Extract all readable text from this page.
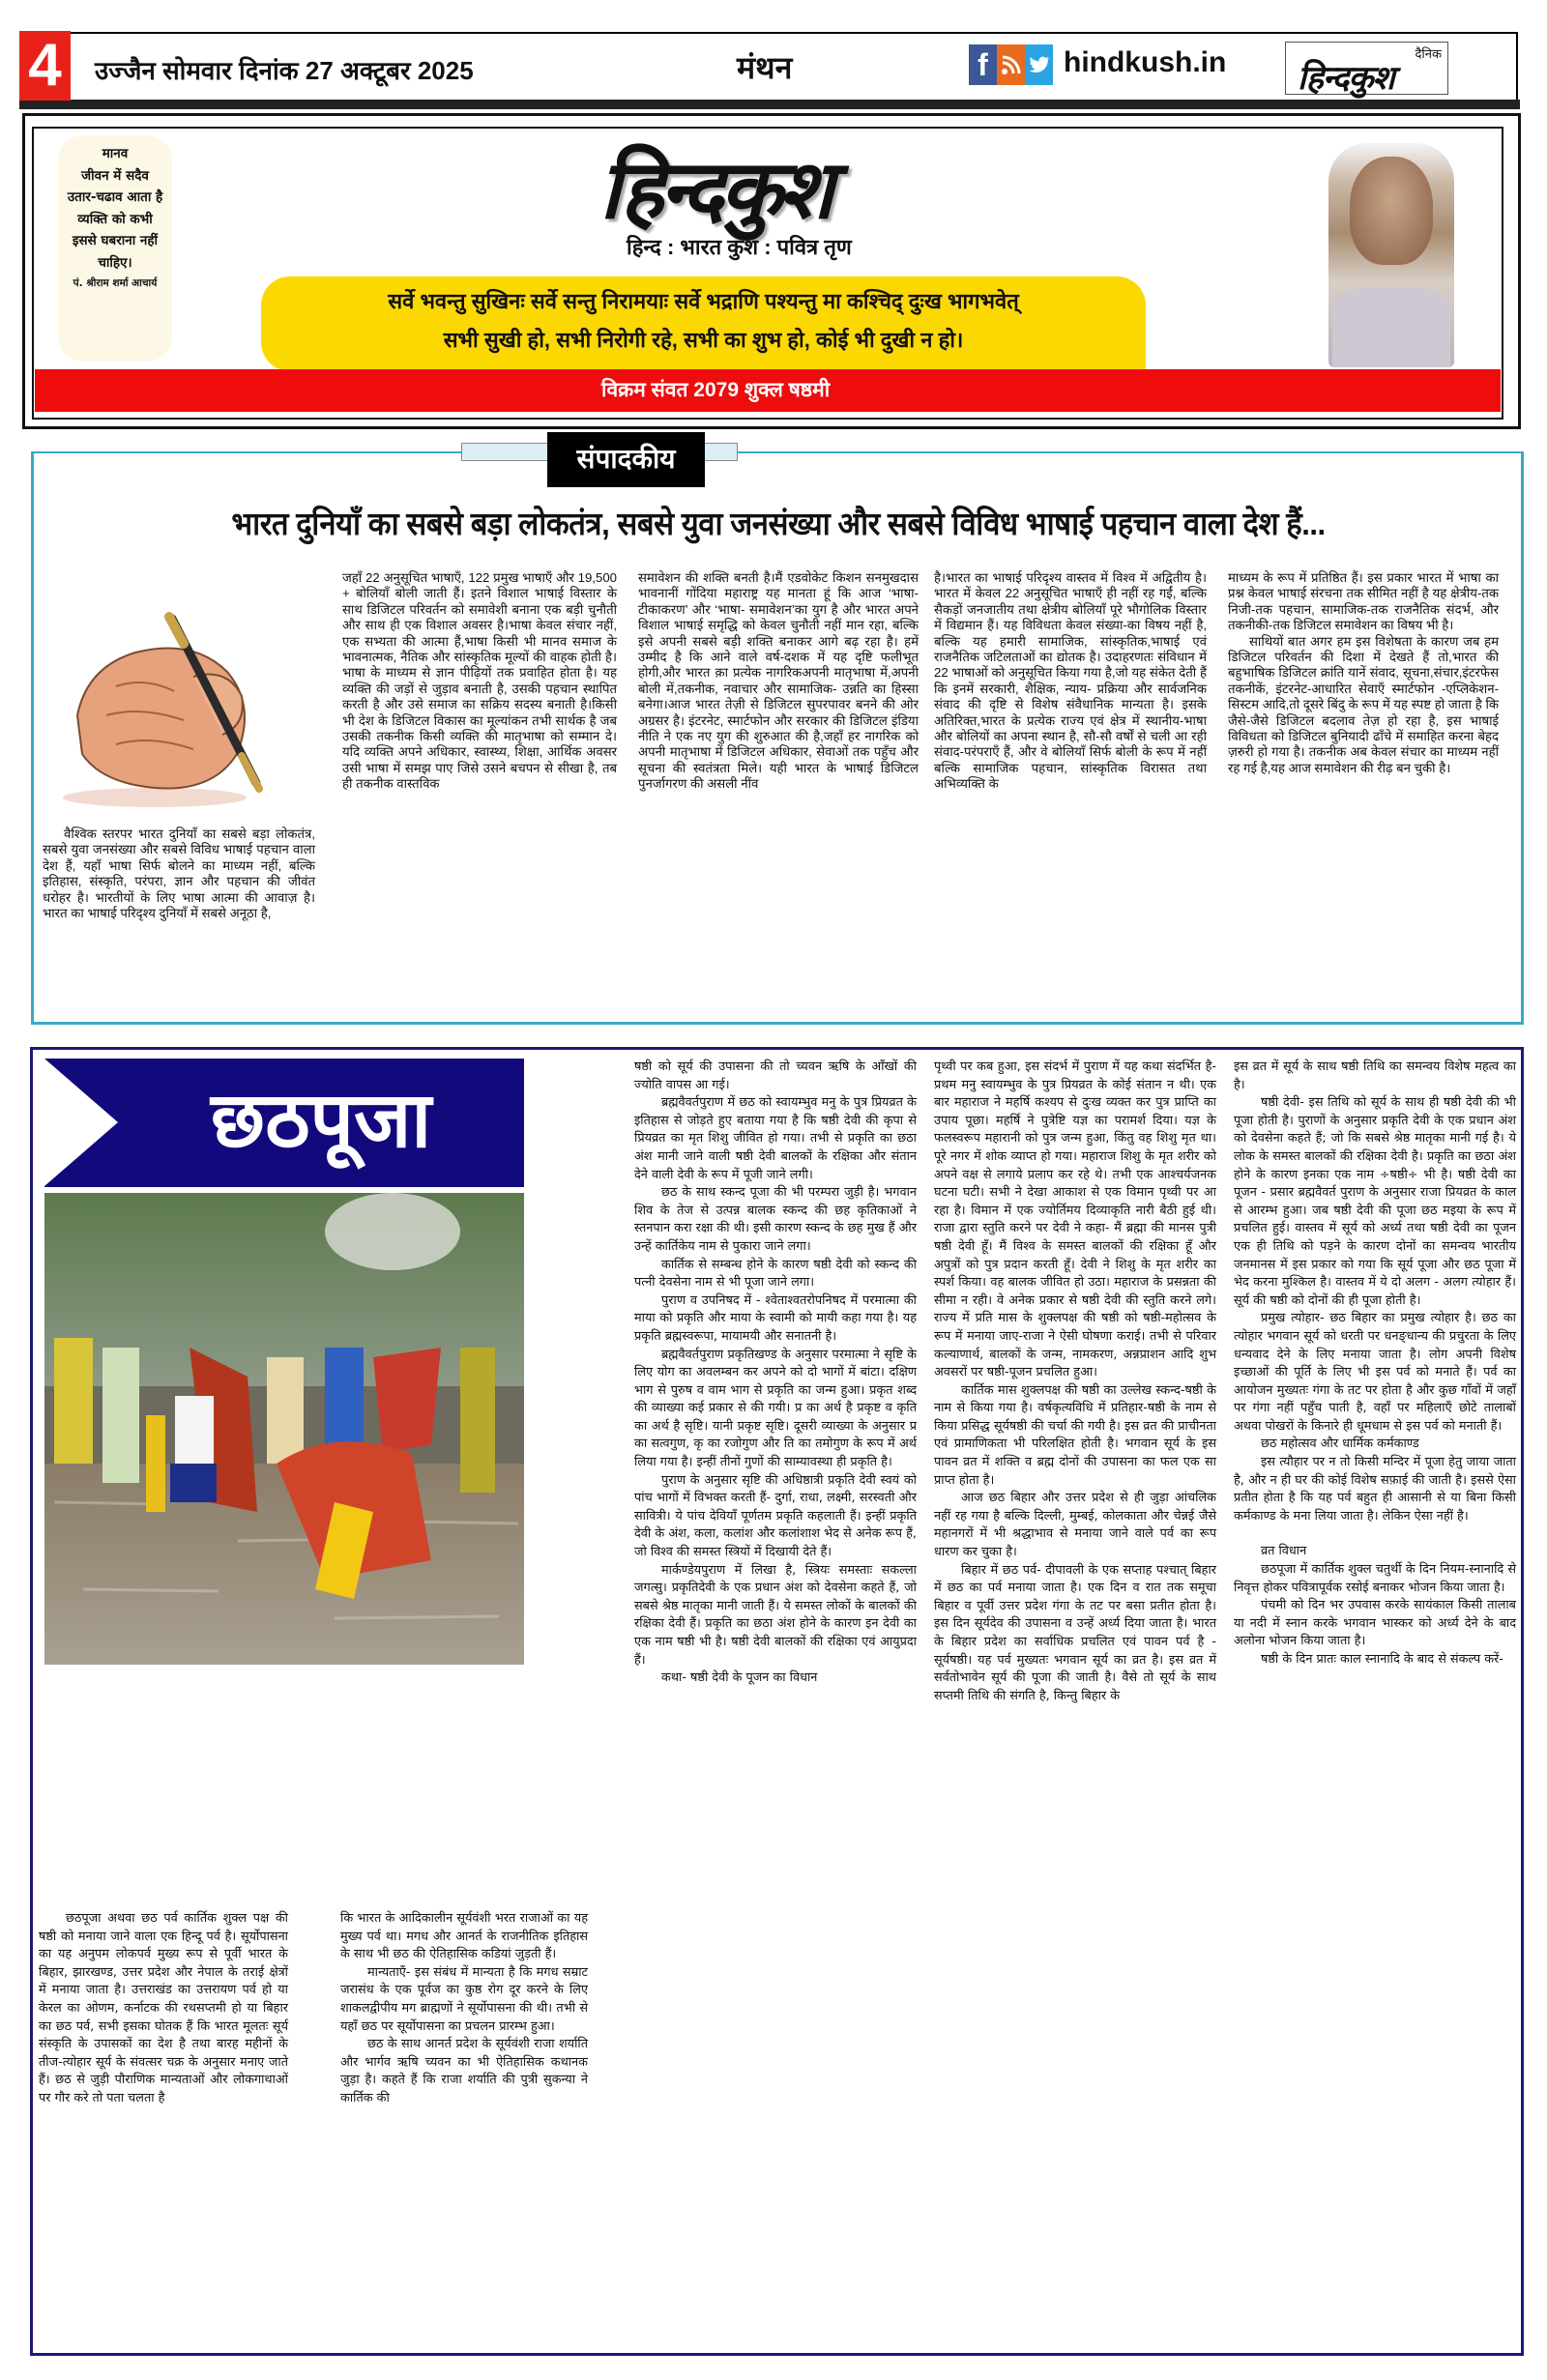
4	उज्जैन सोमवार दिनांक 27 अक्टूबर 2025	मंथन	f	hindkush.in	दैनिक
हिन्दकुश

मानव

जीवन में सदैव

उतार-चढाव आता है

व्यक्ति को कभी

इससे घबराना नहीं

चाहिए।

पं. श्रीराम शर्मा आचार्य

हिन्दकुश
हिन्द : भारत कुश : पवित्र तृण

सर्वे भवन्तु सुखिनः सर्वे सन्तु निरामयाः सर्वे भद्राणि पश्यन्तु मा कश्चिद् दुःख भागभवेत्

सभी सुखी हो, सभी निरोगी रहे, सभी का शुभ हो, कोई भी दुखी न हो।

विक्रम संवत 2079 शुक्ल षष्ठमी
संपादकीय
भारत दुनियाँ का सबसे बड़ा लोकतंत्र, सबसे युवा जनसंख्या और सबसे विविध भाषाई पहचान वाला देश हैं...

वैश्विक स्तरपर भारत दुनियाँ का सबसे बड़ा लोकतंत्र, सबसे युवा जनसंख्या और सबसे विविध भाषाई पहचान वाला देश हैं, यहाँ भाषा सिर्फ बोलने का माध्यम नहीं, बल्कि इतिहास, संस्कृति, परंपरा, ज्ञान और पहचान की जीवंत धरोहर है। भारतीयों के लिए भाषा आत्मा की आवाज़ है। भारत का भाषाई परिदृश्य दुनियाँ में सबसे अनूठा है,

जहाँ 22 अनुसूचित भाषाएँ, 122 प्रमुख भाषाएँ और 19,500 + बोलियाँ बोली जाती हैं। इतने विशाल भाषाई विस्तार के साथ डिजिटल परिवर्तन को समावेशी बनाना एक बड़ी चुनौती और साथ ही एक विशाल अवसर है।भाषा केवल संचार नहीं, एक सभ्यता की आत्मा हैं,भाषा किसी भी मानव समाज के भावनात्मक, नैतिक और सांस्कृतिक मूल्यों की वाहक होती है। भाषा के माध्यम से ज्ञान पीढ़ियों तक प्रवाहित होता है। यह व्यक्ति की जड़ों से जुड़ाव बनाती है, उसकी पहचान स्थापित करती है और उसे समाज का सक्रिय सदस्य बनाती है।किसी भी देश के डिजिटल विकास का मूल्यांकन तभी सार्थक है जब उसकी तकनीक किसी व्यक्ति की मातृभाषा को सम्मान दे। यदि व्यक्ति अपने अधिकार, स्वास्थ्य, शिक्षा, आर्थिक अवसर उसी भाषा में समझ पाए जिसे उसने बचपन से सीखा है, तब ही तकनीक वास्तविक

समावेशन की शक्ति बनती है।मैं एडवोकेट किशन सनमुखदास भावनानीं गोंदिया महाराष्ट्र यह मानता हूं कि आज ‘भाषा- टीकाकरण’ और ‘भाषा- समावेशन’का युग है और भारत अपने विशाल भाषाई समृद्धि को केवल चुनौती नहीं मान रहा, बल्कि इसे अपनी सबसे बड़ी शक्ति बनाकर आगे बढ़ रहा है। हमें उम्मीद है कि आने वाले वर्ष-दशक में यह दृष्टि फलीभूत होगी,और भारत क़ा प्रत्येक नागरिकअपनी मातृभाषा में,अपनी बोली में,तकनीक, नवाचार और सामाजिक- उन्नति का हिस्सा बनेगा।आज भारत तेज़ी से डिजिटल सुपरपावर बनने की ओर अग्रसर है। इंटरनेट, स्मार्टफोन और सरकार की डिजिटल इंडिया नीति ने एक नए युग की शुरुआत की है,जहाँ हर नागरिक को अपनी मातृभाषा में डिजिटल अधिकार, सेवाओं तक पहुँच और सूचना की स्वतंत्रता मिले। यही भारत के भाषाई डिजिटल पुनर्जागरण की असली नींव

है।भारत का भाषाई परिदृश्य वास्तव में विश्व में अद्वितीय है। भारत में केवल 22 अनुसूचित भाषाएँ ही नहीं रह गईं, बल्कि सैकड़ों जनजातीय तथा क्षेत्रीय बोलियाँ पूरे भौगोलिक विस्तार में विद्यमान हैं। यह विविधता केवल संख्या-का विषय नहीं है, बल्कि यह हमारी सामाजिक, सांस्कृतिक,भाषाई एवं राजनैतिक जटिलताओं का द्योतक है। उदाहरणतः संविधान में 22 भाषाओं को अनुसूचित किया गया है,जो यह संकेत देती हैं कि इनमें सरकारी, शैक्षिक, न्याय- प्रक्रिया और सार्वजनिक संवाद की दृष्टि से विशेष संवैधानिक मान्यता है। इसके अतिरिक्त,भारत के प्रत्येक राज्य एवं क्षेत्र में स्थानीय-भाषा और बोलियों का अपना स्थान है, सौ-सौ वर्षों से चली आ रही संवाद-परंपराएँ हैं, और वे बोलियाँ सिर्फ बोली के रूप में नहीं बल्कि सामाजिक पहचान, सांस्कृतिक विरासत तथा अभिव्यक्ति के

माध्यम के रूप में प्रतिष्ठित हैं। इस प्रकार भारत में भाषा का प्रश्न केवल भाषाई संरचना तक सीमित नहीं है यह क्षेत्रीय-तक निजी-तक पहचान, सामाजिक-तक राजनैतिक संदर्भ, और तकनीकी-तक डिजिटल समावेशन का विषय भी है।

साथियों बात अगर हम इस विशेषता के कारण जब हम डिजिटल परिवर्तन की दिशा में देखते हैं तो,भारत की बहुभाषिक डिजिटल क्रांति यानें संवाद, सूचना,संचार,इंटरफेस तकनीकें, इंटरनेट-आधारित सेवाएँ स्मार्टफोन -एप्लिकेशन-सिस्टम आदि,तो दूसरे बिंदु के रूप में यह स्पष्ट हो जाता है कि जैसे-जैसे डिजिटल बदलाव तेज़ हो रहा है, इस भाषाई विविधता को डिजिटल बुनियादी ढाँचे में समाहित करना बेहद ज़रुरी हो गया है। तकनीक अब केवल संचार का माध्यम नहीं रह गई है,यह आज समावेशन की रीढ़ बन चुकी है।

छठपूजा

छठपूजा अथवा छठ पर्व कार्तिक शुक्ल पक्ष की षष्ठी को मनाया जाने वाला एक हिन्दू पर्व है। सूर्योपासना का यह अनुपम लोकपर्व मुख्य रूप से पूर्वी भारत के बिहार, झारखण्ड, उत्तर प्रदेश और नेपाल के तराई क्षेत्रों में मनाया जाता है। उत्तराखंड का उत्तरायण पर्व हो या केरल का ओणम, कर्नाटक की रथसप्तमी हो या बिहार का छठ पर्व, सभी इसका घोतक हैं कि भारत मूलतः सूर्य संस्कृति के उपासकों का देश है तथा बारह महीनों के तीज-त्योहार सूर्य के संवत्सर चक्र के अनुसार मनाए जाते हैं। छठ से जुड़ी पौराणिक मान्यताओं और लोकगाथाओं पर गौर करे तो पता चलता है

कि भारत के आदिकालीन सूर्यवंशी भरत राजाओं का यह मुख्य पर्व था। मगध और आनर्त के राजनीतिक इतिहास के साथ भी छठ की ऐतिहासिक कडियां जुड़ती हैं।

मान्यताएँ- इस संबंध में मान्यता है कि मगध सम्राट जरासंध के एक पूर्वज का कुष्ठ रोग दूर करने के लिए शाकलद्वीपीय मग ब्राह्मणों ने सूर्योपासना की थी। तभी से यहाँ छठ पर सूर्योपासना का प्रचलन प्रारम्भ हुआ।

छठ के साथ आनर्त प्रदेश के सूर्यवंशी राजा शर्याति और भार्गव ऋषि च्यवन का भी ऐतिहासिक कथानक जुड़ा है। कहते हैं कि राजा शर्याति की पुत्री सुकन्या ने कार्तिक की

षष्ठी को सूर्य की उपासना की तो च्यवन ऋषि के आँखों की ज्योति वापस आ गई।

ब्रह्मवैवर्तपुराण में छठ को स्वायम्भुव मनु के पुत्र प्रियव्रत के इतिहास से जोड़ते हुए बताया गया है कि षष्ठी देवी की कृपा से प्रियव्रत का मृत शिशु जीवित हो गया। तभी से प्रकृति का छठा अंश मानी जाने वाली षष्ठी देवी बालकों के रक्षिका और संतान देने वाली देवी के रूप में पूजी जाने लगी।

छठ के साथ स्कन्द पूजा की भी परम्परा जुड़ी है। भगवान शिव के तेज से उत्पन्न बालक स्कन्द की छह कृतिकाओं ने स्तनपान करा रक्षा की थी। इसी कारण स्कन्द के छह मुख हैं और उन्हें कार्तिकेय नाम से पुकारा जाने लगा।

कार्तिक से सम्बन्ध होने के कारण षष्ठी देवी को स्कन्द की पत्नी देवसेना नाम से भी पूजा जाने लगा।

पुराण व उपनिषद में - श्वेताश्वतरोपनिषद में परमात्मा की माया को प्रकृति और माया के स्वामी को मायी कहा गया है। यह प्रकृति ब्रह्मस्वरूपा, मायामयी और सनातनी है।

ब्रह्मवैवर्तपुराण प्रकृतिखण्ड के अनुसार परमात्मा ने सृष्टि के लिए योग का अवलम्बन कर अपने को दो भागों में बांटा। दक्षिण भाग से पुरुष व वाम भाग से प्रकृति का जन्म हुआ। प्रकृत शब्द की व्याख्या कई प्रकार से की गयी। प्र का अर्थ है प्रकृष्ट व कृति का अर्थ है सृष्टि। यानी प्रकृष्ट सृष्टि। दूसरी व्याख्या के अनुसार प्र का सत्वगुण, कृ का रजोगुण और ति का तमोगुण के रूप में अर्थ लिया गया है। इन्हीं तीनों गुणों की साम्यावस्था ही प्रकृति है।

पुराण के अनुसार सृष्टि की अधिष्ठात्री प्रकृति देवी स्वयं को पांच भागों में विभक्त करती हैं- दुर्गा, राधा, लक्ष्मी, सरस्वती और सावित्री। ये पांच देवियाँ पूर्णतम प्रकृति कहलाती हैं। इन्हीं प्रकृति देवी के अंश, कला, कलांश और कलांशाश भेद से अनेक रूप हैं, जो विश्व की समस्त स्त्रियों में दिखायी देते हैं।

मार्कण्डेयपुराण में लिखा है, स्त्रियः समस्ताः सकल्ला जगत्सु। प्रकृतिदेवी के एक प्रधान अंश को देवसेना कहते हैं, जो सबसे श्रेष्ठ मातृका मानी जाती हैं। ये समस्त लोकों के बालकों की रक्षिका देवी हैं। प्रकृति का छठा अंश होने के कारण इन देवी का एक नाम षष्ठी भी है। षष्ठी देवी बालकों की रक्षिका एवं आयुप्रदा हैं।

कथा- षष्ठी देवी के पूजन का विधान

पृथ्वी पर कब हुआ, इस संदर्भ में पुराण में यह कथा संदर्भित है- प्रथम मनु स्वायम्भुव के पुत्र प्रियव्रत के कोई संतान न थी। एक बार महाराज ने महर्षि कश्यप से दुःख व्यक्त कर पुत्र प्राप्ति का उपाय पूछा। महर्षि ने पुत्रेष्टि यज्ञ का परामर्श दिया। यज्ञ के फलस्वरूप महारानी को पुत्र जन्म हुआ, किंतु वह शिशु मृत था। पूरे नगर में शोक व्याप्त हो गया। महाराज शिशु के मृत शरीर को अपने वक्ष से लगाये प्रलाप कर रहे थे। तभी एक आश्चर्यजनक घटना घटी। सभी ने देखा आकाश से एक विमान पृथ्वी पर आ रहा है। विमान में एक ज्योर्तिमय दिव्याकृति नारी बैठी हुई थी। राजा द्वारा स्तुति करने पर देवी ने कहा- मैं ब्रह्मा की मानस पुत्री षष्ठी देवी हूँ। मैं विश्व के समस्त बालकों की रक्षिका हूँ और अपुत्रों को पुत्र प्रदान करती हूँ। देवी ने शिशु के मृत शरीर का स्पर्श किया। वह बालक जीवित हो उठा। महाराज के प्रसन्नता की सीमा न रही। वे अनेक प्रकार से षष्ठी देवी की स्तुति करने लगे। राज्य में प्रति मास के शुक्लपक्ष की षष्ठी को षष्ठी-महोत्सव के रूप में मनाया जाए-राजा ने ऐसी घोषणा कराई। तभी से परिवार कल्याणार्थ, बालकों के जन्म, नामकरण, अन्नप्राशन आदि शुभ अवसरों पर षष्ठी-पूजन प्रचलित हुआ।

कार्तिक मास शुक्लपक्ष की षष्ठी का उल्लेख स्कन्द-षष्ठी के नाम से किया गया है। वर्षकृत्यविधि में प्रतिहार-षष्ठी के नाम से किया प्रसिद्ध सूर्यषष्ठी की चर्चा की गयी है। इस व्रत की प्राचीनता एवं प्रामाणिकता भी परिलक्षित होती है। भगवान सूर्य के इस पावन व्रत में शक्ति व ब्रह्म दोनों की उपासना का फल एक सा प्राप्त होता है।

आज छठ बिहार और उत्तर प्रदेश से ही जुड़ा आंचलिक नहीं रह गया है बल्कि दिल्ली, मुम्बई, कोलकाता और चेन्नई जैसे महानगरों में भी श्रद्धाभाव से मनाया जाने वाले पर्व का रूप धारण कर चुका है।

बिहार में छठ पर्व- दीपावली के एक सप्ताह पश्चात् बिहार में छठ का पर्व मनाया जाता है। एक दिन व रात तक समूचा बिहार व पूर्वी उत्तर प्रदेश गंगा के तट पर बसा प्रतीत होता है। इस दिन सूर्यदेव की उपासना व उन्हें अर्ध्य दिया जाता है। भारत के बिहार प्रदेश का सर्वाधिक प्रचलित एवं पावन पर्व है - सूर्यषष्ठी। यह पर्व मुख्यतः भगवान सूर्य का व्रत है। इस व्रत में सर्वतोभावेन सूर्य की पूजा की जाती है। वैसे तो सूर्य के साथ सप्तमी तिथि की संगति है, किन्तु बिहार के

इस व्रत में सूर्य के साथ षष्ठी तिथि का समन्वय विशेष महत्व का है।

षष्ठी देवी- इस तिथि को सूर्य के साथ ही षष्ठी देवी की भी पूजा होती है। पुराणों के अनुसार प्रकृति देवी के एक प्रधान अंश को देवसेना कहते हैं; जो कि सबसे श्रेष्ठ मातृका मानी गई है। ये लोक के समस्त बालकों की रक्षिका देवी है। प्रकृति का छठा अंश होने के कारण इनका एक नाम ÷षष्ठी÷ भी है। षष्ठी देवी का पूजन - प्रसार ब्रह्मवैवर्त पुराण के अनुसार राजा प्रियव्रत के काल से आरम्भ हुआ। जब षष्ठी देवी की पूजा छठ मइया के रूप में प्रचलित हुई। वास्तव में सूर्य को अर्ध्य तथा षष्ठी देवी का पूजन एक ही तिथि को पड़ने के कारण दोनों का समन्वय भारतीय जनमानस में इस प्रकार को गया कि सूर्य पूजा और छठ पूजा में भेद करना मुश्किल है। वास्तव में ये दो अलग - अलग त्योहार हैं। सूर्य की षष्ठी को दोनों की ही पूजा होती है।

प्रमुख त्योहार- छठ बिहार का प्रमुख त्योहार है। छठ का त्योहार भगवान सूर्य को धरती पर धनङ्धान्य की प्रचुरता के लिए धन्यवाद देने के लिए मनाया जाता है। लोग अपनी विशेष इच्छाओं की पूर्ति के लिए भी इस पर्व को मनाते हैं। पर्व का आयोजन मुख्यतः गंगा के तट पर होता है और कुछ गाँवों में जहाँ पर गंगा नहीं पहुँच पाती है, वहाँ पर महिलाएँ छोटे तालाबों अथवा पोखरों के किनारे ही धूमधाम से इस पर्व को मनाती हैं।

छठ महोत्सव और धार्मिक कर्मकाण्ड

इस त्यौहार पर न तो किसी मन्दिर में पूजा हेतु जाया जाता है, और न ही घर की कोई विशेष सफ़ाई की जाती है। इससे ऐसा प्रतीत होता है कि यह पर्व बहुत ही आसानी से या बिना किसी कर्मकाण्ड के मना लिया जाता है। लेकिन ऐसा नहीं है।

व्रत विधान

छठपूजा में कार्तिक शुक्ल चतुर्थी के दिन नियम-स्नानादि से निवृत्त होकर पवित्रापूर्वक रसोई बनाकर भोजन किया जाता है।

पंचमी को दिन भर उपवास करके सायंकाल किसी तालाब या नदी में स्नान करके भगवान भास्कर को अर्ध्य देने के बाद अलोना भोजन किया जाता है।

षष्ठी के दिन प्रातः काल स्नानादि के बाद से संकल्प करें-
